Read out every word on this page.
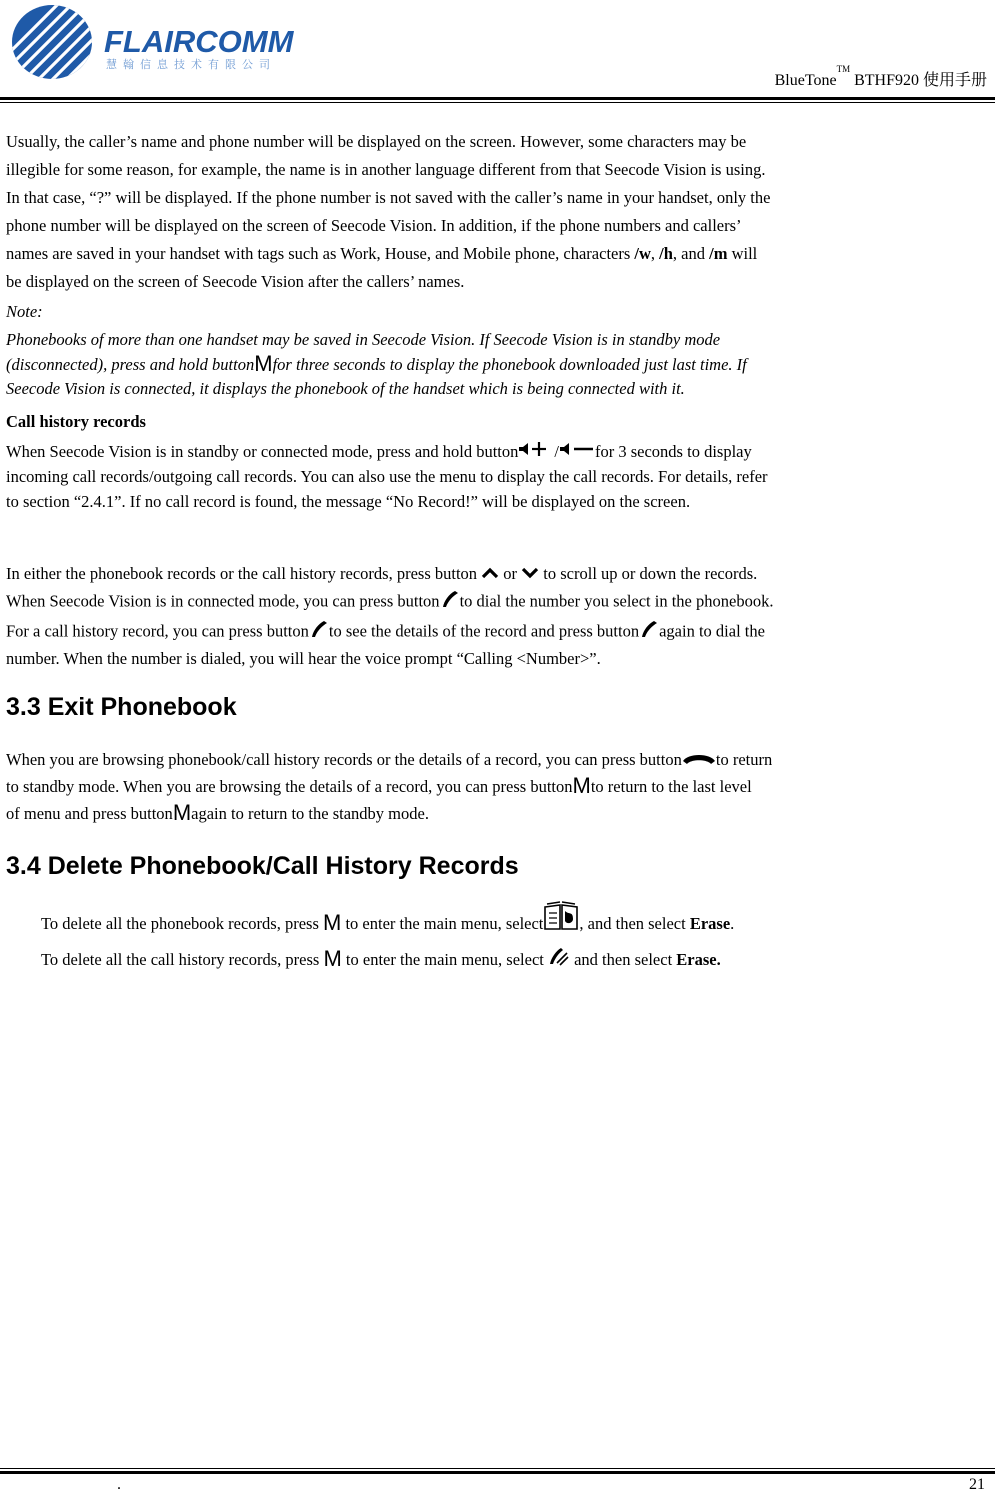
FLAIRCOMM
慧翰信息技术有限公司
BlueTone™ BTHF920 使用手册

Usually, the caller’s name and phone number will be displayed on the screen. However, some characters may be

illegible for some reason, for example, the name is in another language different from that Seecode Vision is using.

In that case, “?” will be displayed. If the phone number is not saved with the caller’s name in your handset, only the

phone number will be displayed on the screen of Seecode Vision. In addition, if the phone numbers and callers’

names are saved in your handset with tags such as Work, House, and Mobile phone, characters /w, /h, and /m will

be displayed on the screen of Seecode Vision after the callers’ names.

Note:

Phonebooks of more than one handset may be saved in Seecode Vision. If Seecode Vision is in standby mode

(disconnected), press and hold buttonMfor three seconds to display the phonebook downloaded just last time. If

Seecode Vision is connected, it displays the phonebook of the handset which is being connected with it.

Call history records

When Seecode Vision is in standby or connected mode, press and hold button / for 3 seconds to display

incoming call records/outgoing call records. You can also use the menu to display the call records. For details, refer

to section “2.4.1”. If no call record is found, the message “No Record!” will be displayed on the screen.

In either the phonebook records or the call history records, press button  or  to scroll up or down the records.

When Seecode Vision is in connected mode, you can press button to dial the number you select in the phonebook.

For a call history record, you can press button to see the details of the record and press button again to dial the

number. When the number is dialed, you will hear the voice prompt “Calling <Number>”.

3.3 Exit Phonebook

When you are browsing phonebook/call history records or the details of a record, you can press button to return

to standby mode. When you are browsing the details of a record, you can press buttonMto return to the last level

of menu and press buttonMagain to return to the standby mode.

3.4 Delete Phonebook/Call History Records

To delete all the phonebook records, press M to enter the main menu, select , and then select Erase.

To delete all the call history records, press M to enter the main menu, select  and then select Erase.

.	21
